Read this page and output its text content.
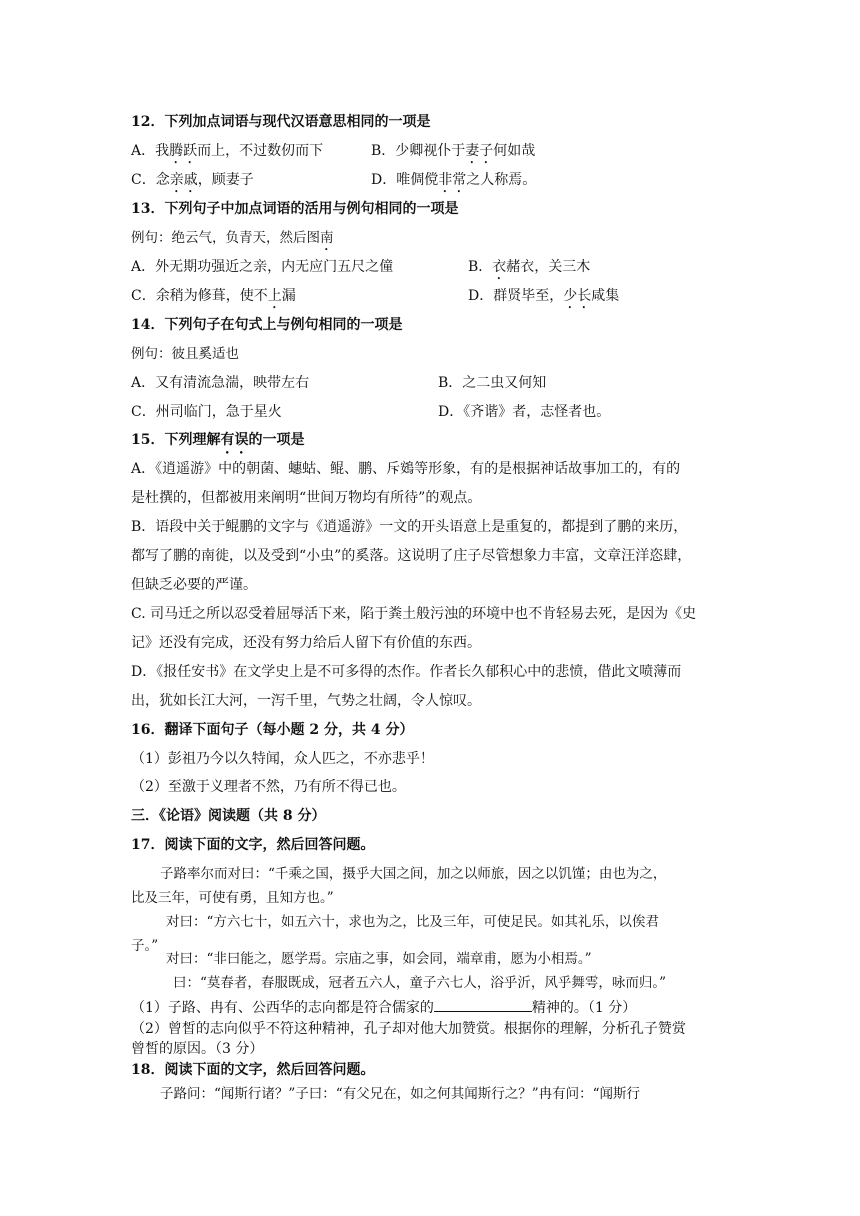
12．下列加点词语与现代汉语意思相同的一项是
A．我腾跃而上，不过数仞而下	B．少卿视仆于妻子何如哉
C．念亲戚，顾妻子	D．唯倜傥非常之人称焉。
13．下列句子中加点词语的活用与例句相同的一项是
例句：绝云气，负青天，然后图南
A．外无期功强近之亲，内无应门五尺之僮	B．衣赭衣，关三木
C．余稍为修葺，使不上漏	D．群贤毕至，少长咸集
14．下列句子在句式上与例句相同的一项是
例句：彼且奚适也
A．又有清流急湍，映带左右	B．之二虫又何知
C．州司临门，急于星火	D．《齐谐》者，志怪者也。
15．下列理解有误的一项是
A．《逍遥游》中的朝菌、蟪蛄、鲲、鹏、斥鴳等形象，有的是根据神话故事加工的，有的
是杜撰的，但都被用来阐明“世间万物均有所待”的观点。
B．语段中关于鲲鹏的文字与《逍遥游》一文的开头语意上是重复的，都提到了鹏的来历，
都写了鹏的南徙，以及受到“小虫”的奚落。这说明了庄子尽管想象力丰富，文章汪洋恣肆，
但缺乏必要的严谨。
C. 司马迁之所以忍受着屈辱活下来，陷于粪土般污浊的环境中也不肯轻易去死，是因为《史
记》还没有完成，还没有努力给后人留下有价值的东西。
D．《报任安书》在文学史上是不可多得的杰作。作者长久郁积心中的悲愤，借此文喷薄而
出，犹如长江大河，一泻千里，气势之壮阔，令人惊叹。
16．翻译下面句子（每小题 2 分，共 4 分）
（1）彭祖乃今以久特闻，众人匹之，不亦悲乎！
（2）至激于义理者不然，乃有所不得已也。
三．《论语》阅读题（共 8 分）
17．阅读下面的文字，然后回答问题。
子路率尔而对曰：“千乘之国，摄乎大国之间，加之以师旅，因之以饥馑；由也为之，
比及三年，可使有勇，且知方也。”
对曰：“方六七十，如五六十，求也为之，比及三年，可使足民。如其礼乐，以俟君
子。”
对曰：“非曰能之，愿学焉。宗庙之事，如会同，端章甫，愿为小相焉。”
曰：“莫春者，春服既成，冠者五六人，童子六七人，浴乎沂，风乎舞雩，咏而归。”
（1）子路、冉有、公西华的志向都是符合儒家的	精神的。（1 分）
（2）曾皙的志向似乎不符这种精神，孔子却对他大加赞赏。根据你的理解，分析孔子赞赏
曾皙的原因。（3 分）
18．阅读下面的文字，然后回答问题。
子路问：“闻斯行诸？”子曰：“有父兄在，如之何其闻斯行之？”冉有问：“闻斯行
